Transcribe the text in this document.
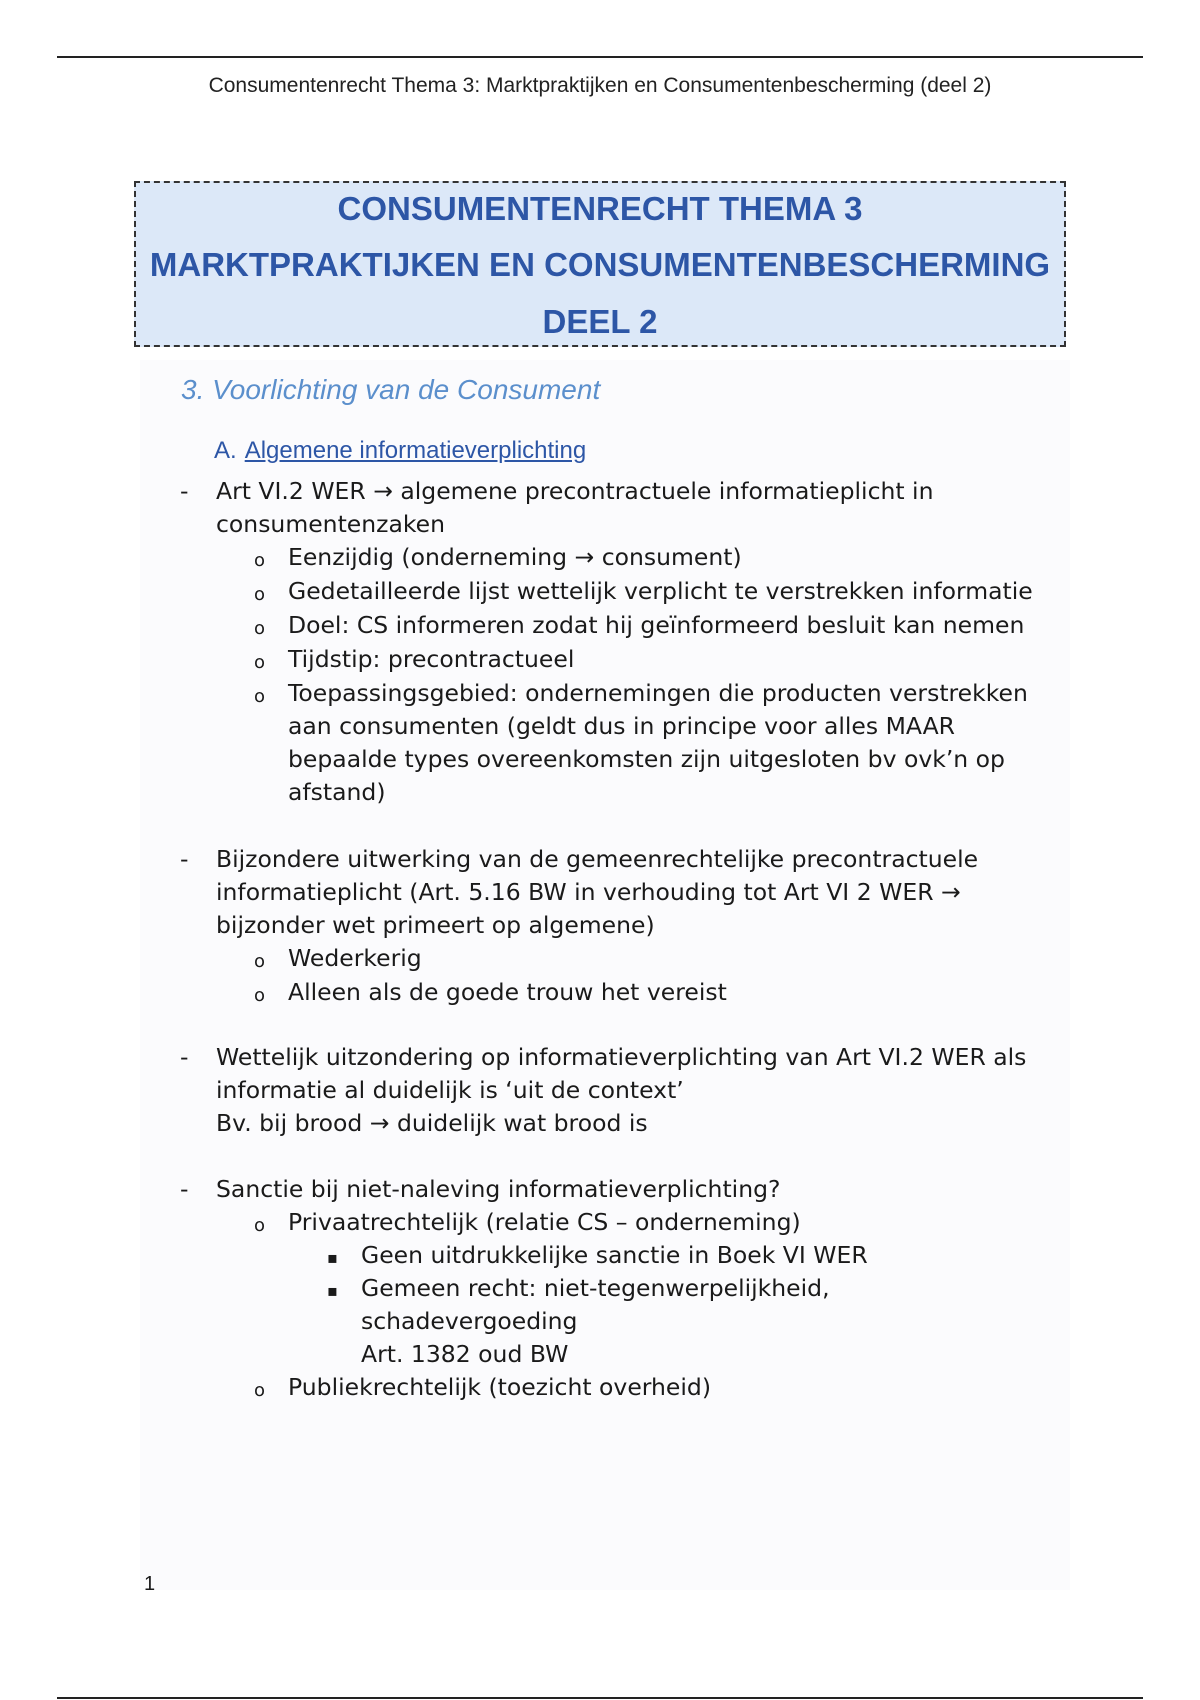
Consumentenrecht Thema 3: Marktpraktijken en Consumentenbescherming (deel 2)
CONSUMENTENRECHT THEMA 3
MARKTPRAKTIJKEN EN CONSUMENTENBESCHERMING
DEEL 2
3. Voorlichting van de Consument
A. Algemene informatieverplichting
- Art VI.2 WER → algemene precontractuele informatieplicht in
consumentenzaken
o Eenzijdig (onderneming → consument)
o Gedetailleerde lijst wettelijk verplicht te verstrekken informatie
o Doel: CS informeren zodat hij geïnformeerd besluit kan nemen
o Tijdstip: precontractueel
o Toepassingsgebied: ondernemingen die producten verstrekken
aan consumenten (geldt dus in principe voor alles MAAR
bepaalde types overeenkomsten zijn uitgesloten bv ovk’n op
afstand)
- Bijzondere uitwerking van de gemeenrechtelijke precontractuele
informatieplicht (Art. 5.16 BW in verhouding tot Art VI 2 WER →
bijzonder wet primeert op algemene)
o Wederkerig
o Alleen als de goede trouw het vereist
- Wettelijk uitzondering op informatieverplichting van Art VI.2 WER als
informatie al duidelijk is ‘uit de context’
Bv. bij brood → duidelijk wat brood is
- Sanctie bij niet-naleving informatieverplichting?
o Privaatrechtelijk (relatie CS – onderneming)
▪ Geen uitdrukkelijke sanctie in Boek VI WER
▪ Gemeen recht: niet-tegenwerpelijkheid,
schadevergoeding
Art. 1382 oud BW
o Publiekrechtelijk (toezicht overheid)
1
